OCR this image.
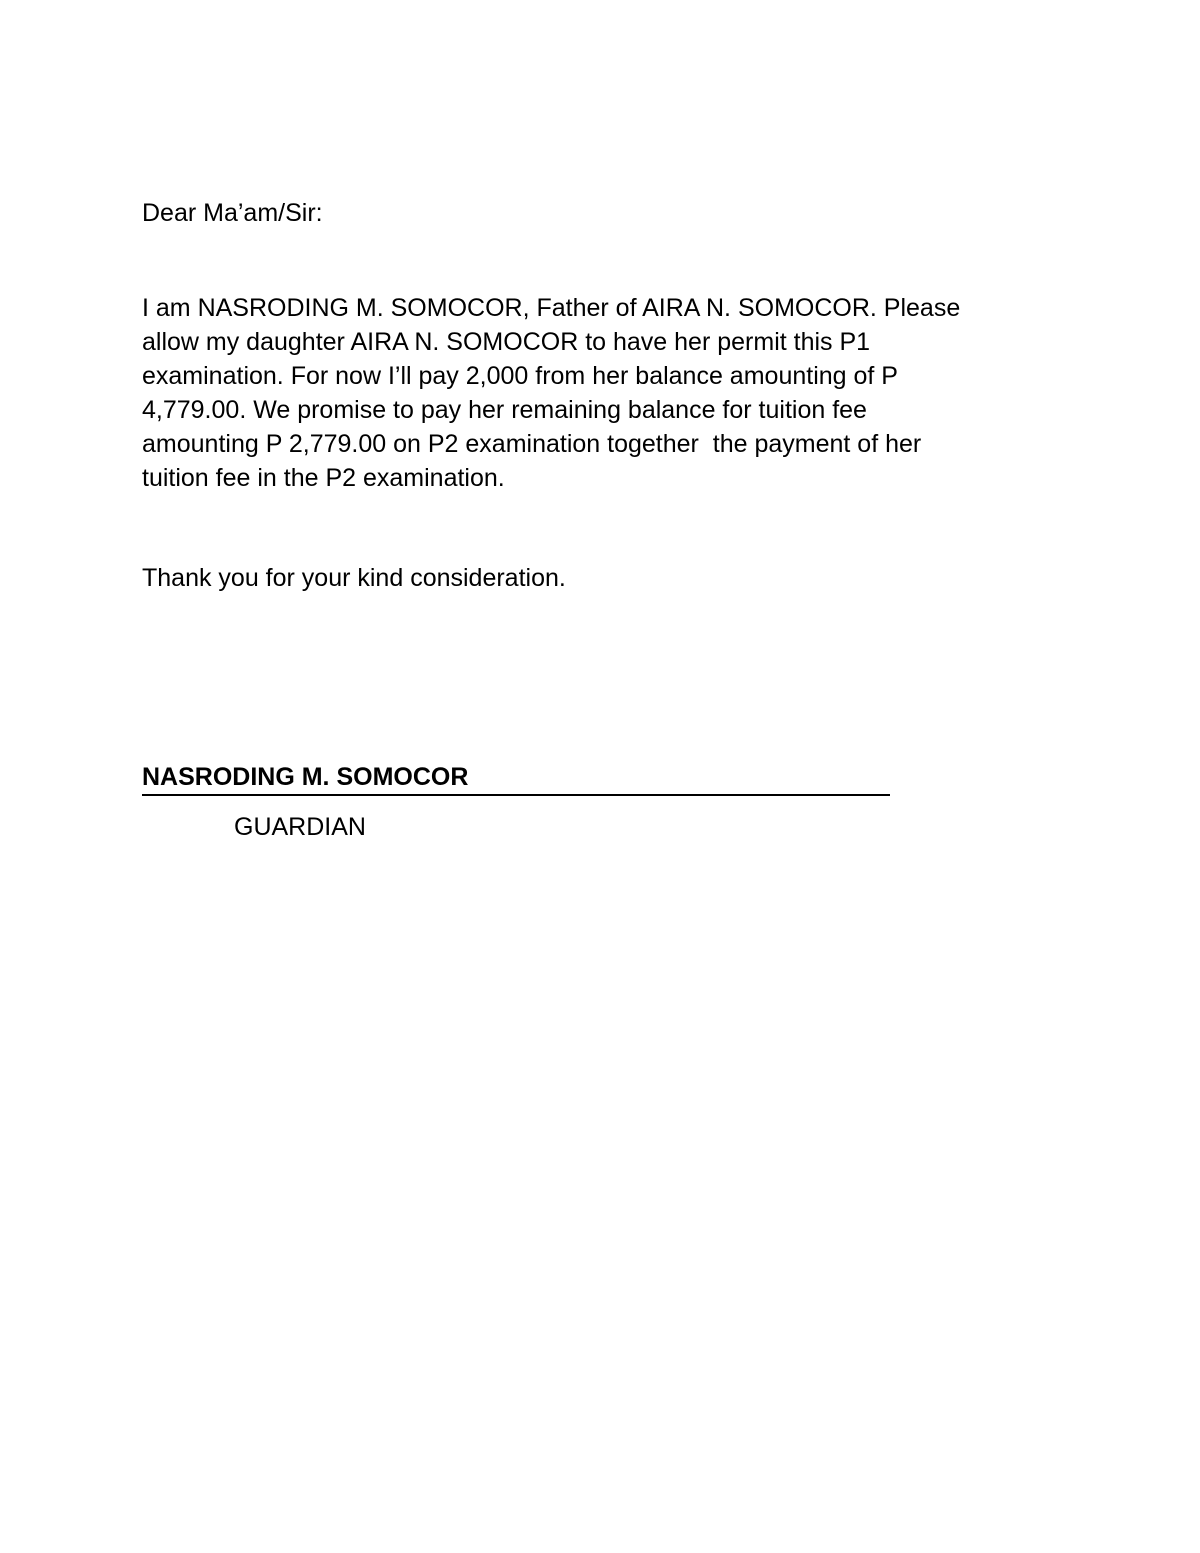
Dear Ma’am/Sir:

I am NASRODING M. SOMOCOR, Father of AIRA N. SOMOCOR. Please
allow my daughter AIRA N. SOMOCOR to have her permit this P1
examination. For now I’ll pay 2,000 from her balance amounting of P
4,779.00. We promise to pay her remaining balance for tuition fee
amounting P 2,779.00 on P2 examination together  the payment of her
tuition fee in the P2 examination.

Thank you for your kind consideration.

NASRODING M. SOMOCOR
GUARDIAN
